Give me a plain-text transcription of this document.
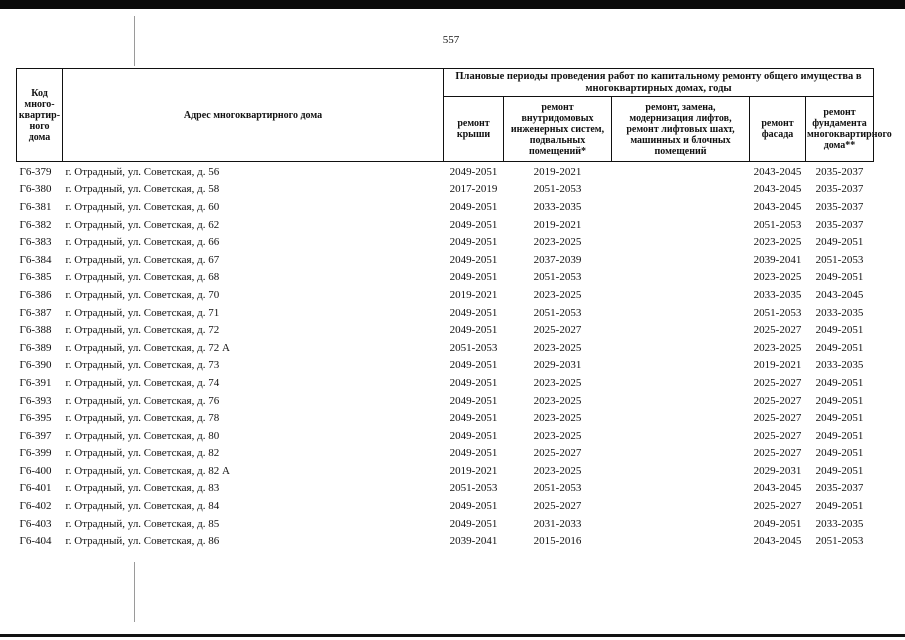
557
Код много-квартир-ного дома	Адрес многоквартирного дома	Плановые периоды проведения работ по капитальному ремонту общего имущества в многоквартирных домах, годы				
		ремонт крыши	ремонт внутридомовых инженерных систем, подвальных помещений*	ремонт, замена, модернизация лифтов, ремонт лифтовых шахт, машинных и блочных помещений	ремонт фасада	ремонт фундамента многоквартирного дома**
Г6-379	г. Отрадный, ул. Советская, д. 56	2049-2051	2019-2021		2043-2045	2035-2037
Г6-380	г. Отрадный, ул. Советская, д. 58	2017-2019	2051-2053		2043-2045	2035-2037
Г6-381	г. Отрадный, ул. Советская, д. 60	2049-2051	2033-2035		2043-2045	2035-2037
Г6-382	г. Отрадный, ул. Советская, д. 62	2049-2051	2019-2021		2051-2053	2035-2037
Г6-383	г. Отрадный, ул. Советская, д. 66	2049-2051	2023-2025		2023-2025	2049-2051
Г6-384	г. Отрадный, ул. Советская, д. 67	2049-2051	2037-2039		2039-2041	2051-2053
Г6-385	г. Отрадный, ул. Советская, д. 68	2049-2051	2051-2053		2023-2025	2049-2051
Г6-386	г. Отрадный, ул. Советская, д. 70	2019-2021	2023-2025		2033-2035	2043-2045
Г6-387	г. Отрадный, ул. Советская, д. 71	2049-2051	2051-2053		2051-2053	2033-2035
Г6-388	г. Отрадный, ул. Советская, д. 72	2049-2051	2025-2027		2025-2027	2049-2051
Г6-389	г. Отрадный, ул. Советская, д. 72 А	2051-2053	2023-2025		2023-2025	2049-2051
Г6-390	г. Отрадный, ул. Советская, д. 73	2049-2051	2029-2031		2019-2021	2033-2035
Г6-391	г. Отрадный, ул. Советская, д. 74	2049-2051	2023-2025		2025-2027	2049-2051
Г6-393	г. Отрадный, ул. Советская, д. 76	2049-2051	2023-2025		2025-2027	2049-2051
Г6-395	г. Отрадный, ул. Советская, д. 78	2049-2051	2023-2025		2025-2027	2049-2051
Г6-397	г. Отрадный, ул. Советская, д. 80	2049-2051	2023-2025		2025-2027	2049-2051
Г6-399	г. Отрадный, ул. Советская, д. 82	2049-2051	2025-2027		2025-2027	2049-2051
Г6-400	г. Отрадный, ул. Советская, д. 82 А	2019-2021	2023-2025		2029-2031	2049-2051
Г6-401	г. Отрадный, ул. Советская, д. 83	2051-2053	2051-2053		2043-2045	2035-2037
Г6-402	г. Отрадный, ул. Советская, д. 84	2049-2051	2025-2027		2025-2027	2049-2051
Г6-403	г. Отрадный, ул. Советская, д. 85	2049-2051	2031-2033		2049-2051	2033-2035
Г6-404	г. Отрадный, ул. Советская, д. 86	2039-2041	2015-2016		2043-2045	2051-2053
